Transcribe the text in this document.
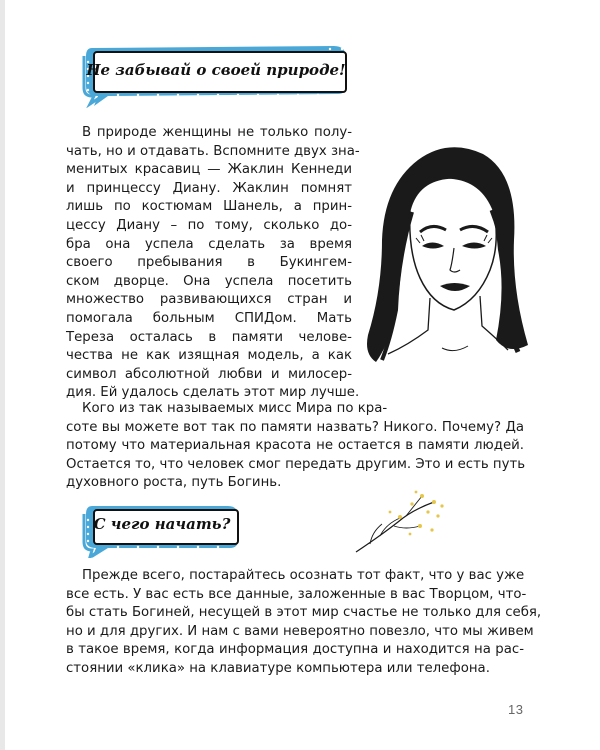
Не забывай о своей природе!
В природе женщины не только полу-
чать, но и отдавать. Вспомните двух зна-
менитых красавиц — Жаклин Кеннеди
и принцессу Диану. Жаклин помнят
лишь по костюмам Шанель, а прин-
цессу Диану – по тому, сколько до-
бра она успела сделать за время
своего пребывания в Букингем-
ском дворце. Она успела посетить
множество развивающихся стран и
помогала больным СПИДом. Мать
Тереза осталась в памяти челове-
чества не как изящная модель, а как
символ абсолютной любви и милосер-
дия. Ей удалось сделать этот мир лучше.
Кого из так называемых мисс Мира по кра-
соте вы можете вот так по памяти назвать? Никого. Почему? Да
потому что материальная красота не остается в памяти людей.
Остается то, что человек смог передать другим. Это и есть путь
духовного роста, путь Богинь.
С чего начать?
Прежде всего, постарайтесь осознать тот факт, что у вас уже
все есть. У вас есть все данные, заложенные в вас Творцом, что-
бы стать Богиней, несущей в этот мир счастье не только для себя,
но и для других. И нам с вами невероятно повезло, что мы живем
в такое время, когда информация доступна и находится на рас-
стоянии «клика» на клавиатуре компьютера или телефона.
13
